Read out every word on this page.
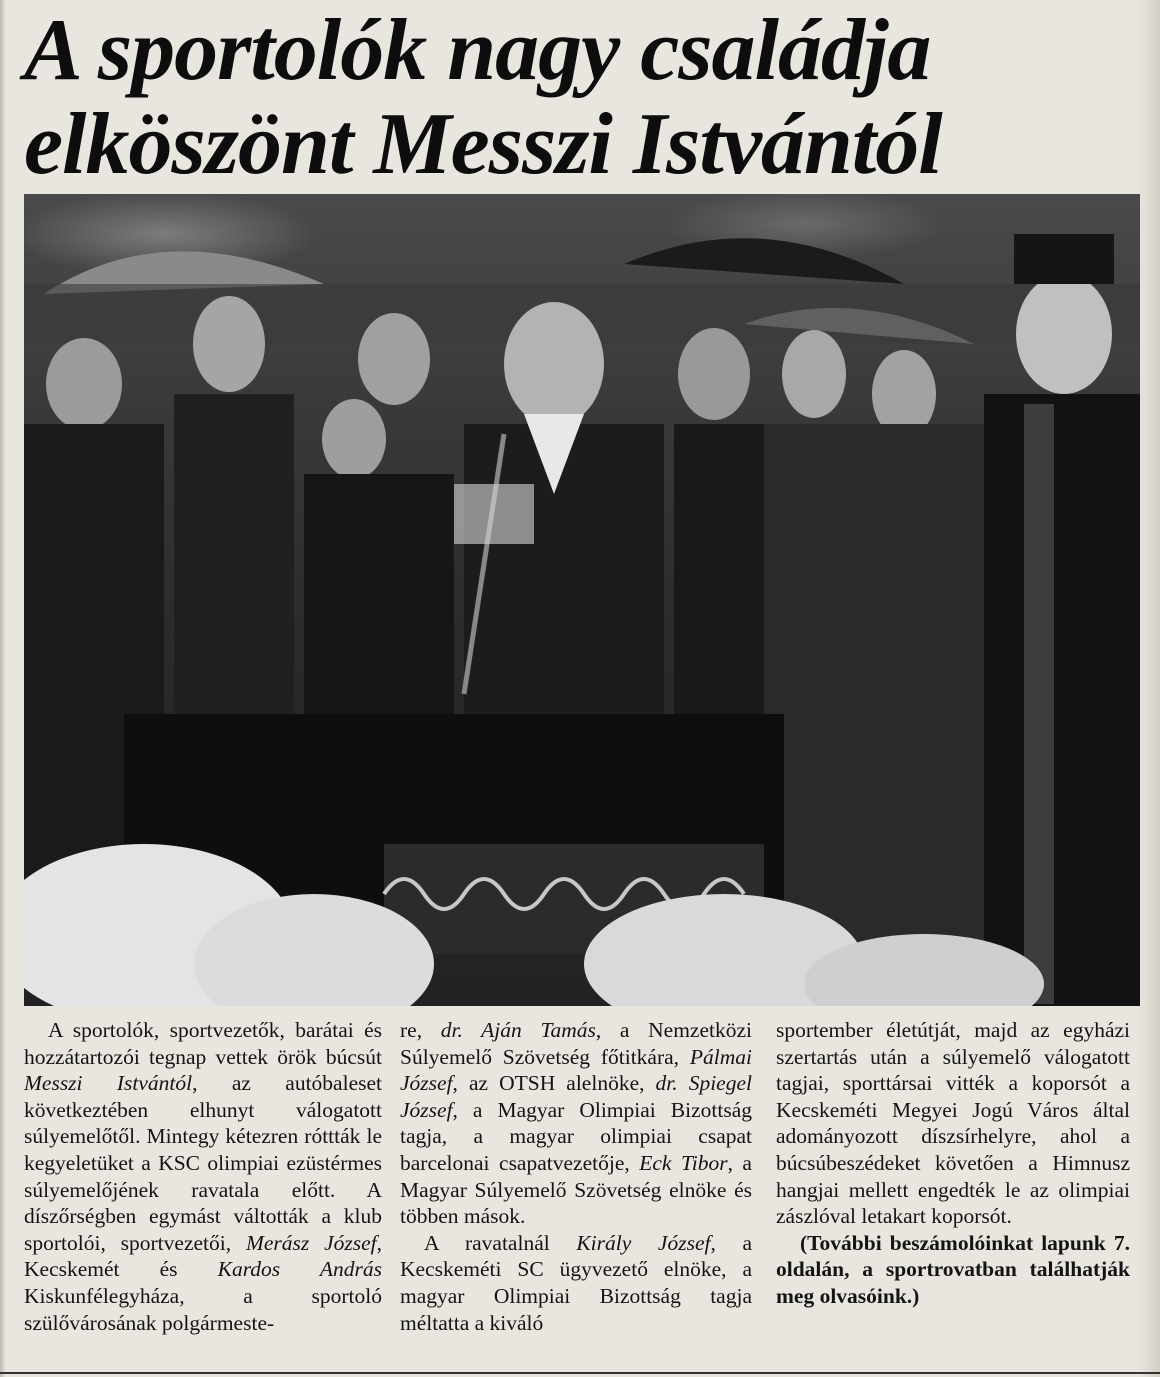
A sportolók nagy családja
elköszönt Messzi Istvántól

A sportolók, sportvezetők, barátai és hozzátartozói tegnap vettek örök búcsút Messzi Istvántól, az autóbaleset következtében elhunyt válogatott súlyemelőtől. Mintegy kétezren róttták le kegyeletüket a KSC olimpiai ezüstérmes súlyemelőjének ravatala előtt. A díszőrségben egymást váltották a klub sportolói, sportvezetői, Merász József, Kecskemét és Kardos András Kiskunfélegyháza, a sportoló szülővárosának polgármeste-

re, dr. Aján Tamás, a Nemzetközi Súlyemelő Szövetség főtitkára, Pálmai József, az OTSH alelnöke, dr. Spiegel József, a Magyar Olimpiai Bizottság tagja, a magyar olimpiai csapat barcelonai csapatvezetője, Eck Tibor, a Magyar Súlyemelő Szövetség elnöke és többen mások.

A ravatalnál Király József, a Kecskeméti SC ügyvezető elnöke, a magyar Olimpiai Bizottság tagja méltatta a kiváló

sportember életútját, majd az egyházi szertartás után a súlyemelő válogatott tagjai, sporttársai vitték a koporsót a Kecskeméti Megyei Jogú Város által adományozott díszsírhelyre, ahol a búcsúbeszédeket követően a Himnusz hangjai mellett engedték le az olimpiai zászlóval letakart koporsót.

(További beszámolóinkat lapunk 7. oldalán, a sportrovatban találhatják meg olvasóink.)
